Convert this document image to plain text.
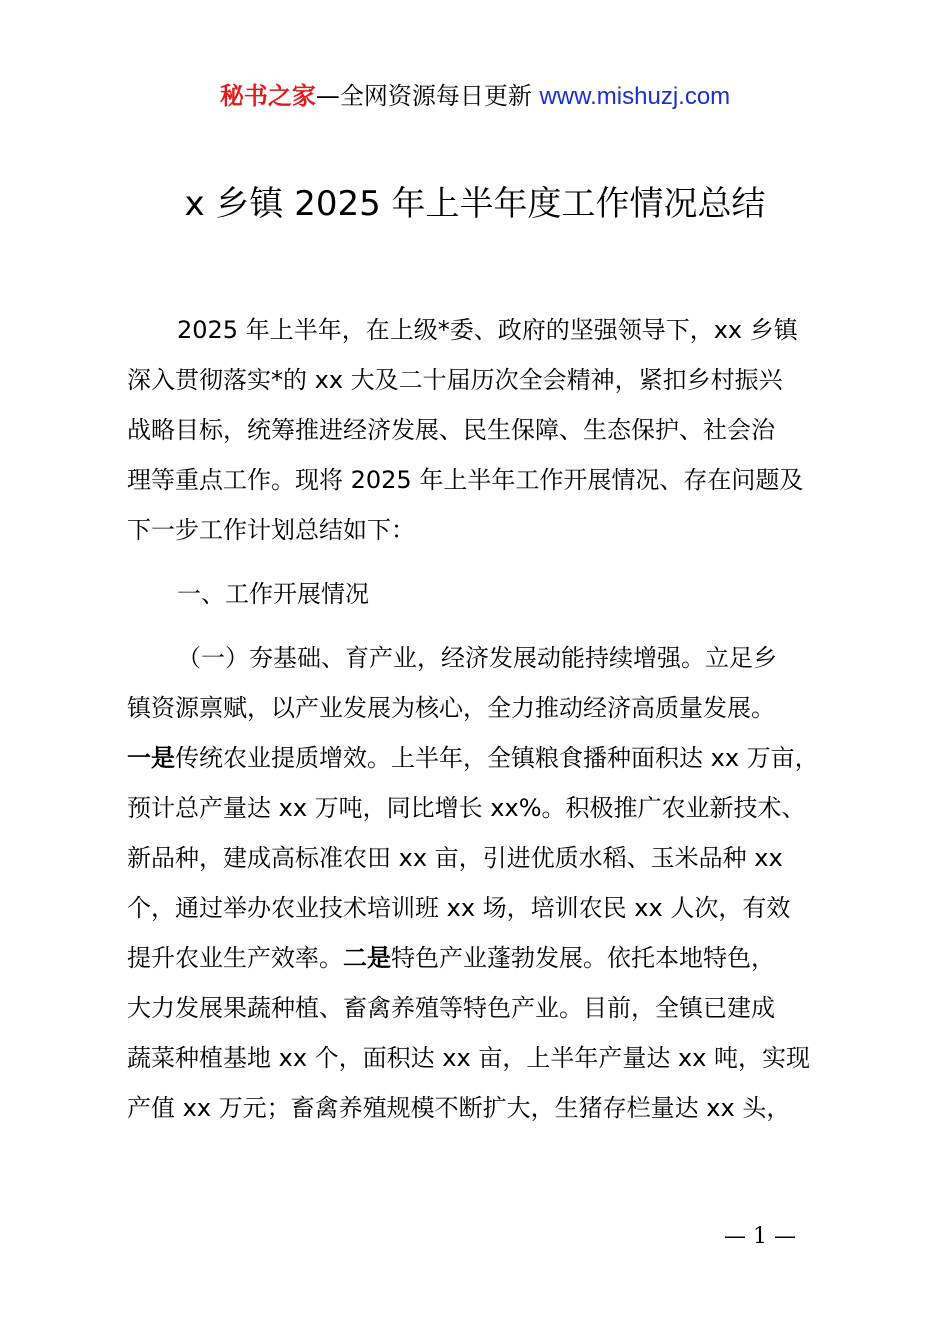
秘书之家—全网资源每日更新 www.mishuzj.com
x 乡镇 2025 年上半年度工作情况总结
2025 年上半年，在上级*委、政府的坚强领导下，xx 乡镇
深入贯彻落实*的 xx 大及二十届历次全会精神，紧扣乡村振兴
战略目标，统筹推进经济发展、民生保障、生态保护、社会治
理等重点工作。现将 2025 年上半年工作开展情况、存在问题及
下一步工作计划总结如下：
一、工作开展情况
（一）夯基础、育产业，经济发展动能持续增强。立足乡
镇资源禀赋，以产业发展为核心，全力推动经济高质量发展。
一是传统农业提质增效。上半年，全镇粮食播种面积达 xx 万亩，
预计总产量达 xx 万吨，同比增长 xx%。积极推广农业新技术、
新品种，建成高标准农田 xx 亩，引进优质水稻、玉米品种 xx
个，通过举办农业技术培训班 xx 场，培训农民 xx 人次，有效
提升农业生产效率。二是特色产业蓬勃发展。依托本地特色，
大力发展果蔬种植、畜禽养殖等特色产业。目前，全镇已建成
蔬菜种植基地 xx 个，面积达 xx 亩，上半年产量达 xx 吨，实现
产值 xx 万元；畜禽养殖规模不断扩大，生猪存栏量达 xx 头，
— 1 —
